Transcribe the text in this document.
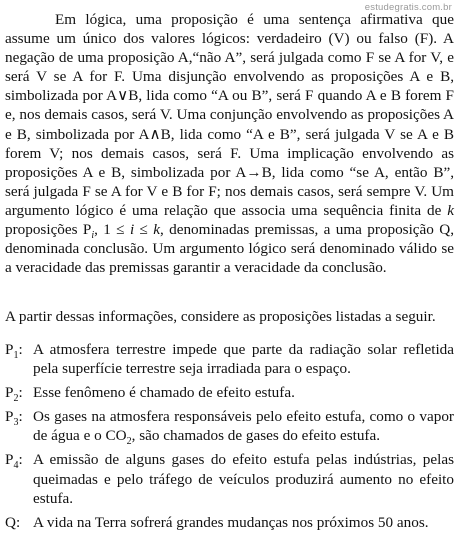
estudegratis.com.br

Em lógica, uma proposição é uma sentença afirmativa que assume um único dos valores lógicos: verdadeiro (V) ou falso (F). A negação de uma proposição A,“não A”, será julgada como F se A for V, e será V se A for F. Uma disjunção envolvendo as proposições A e B, simbolizada por A∨B, lida como “A ou B”, será F quando A e B forem F e, nos demais casos, será V. Uma conjunção envolvendo as proposições A e B, simbolizada por A∧B, lida como “A e B”, será julgada V se A e B forem V; nos demais casos, será F. Uma implicação envolvendo as proposições A e B, simbolizada por A→B, lida como “se A, então B”, será julgada F se A for V e B for F; nos demais casos, será sempre V. Um argumento lógico é uma relação que associa uma sequência finita de k proposições $P_i$, 1 ≤ i ≤ k, denominadas premissas, a uma proposição Q, denominada conclusão. Um argumento lógico será denominado válido se a veracidade das premissas garantir a veracidade da conclusão.

A partir dessas informações, considere as proposições listadas a seguir.

$P_1$: A atmosfera terrestre impede que parte da radiação solar refletida pela superfície terrestre seja irradiada para o espaço.
$P_2$: Esse fenômeno é chamado de efeito estufa.
$P_3$: Os gases na atmosfera responsáveis pelo efeito estufa, como o vapor de água e o $CO_2$, são chamados de gases do efeito estufa.
$P_4$: A emissão de alguns gases do efeito estufa pelas indústrias, pelas queimadas e pelo tráfego de veículos produzirá aumento no efeito estufa.
Q: A vida na Terra sofrerá grandes mudanças nos próximos 50 anos.
